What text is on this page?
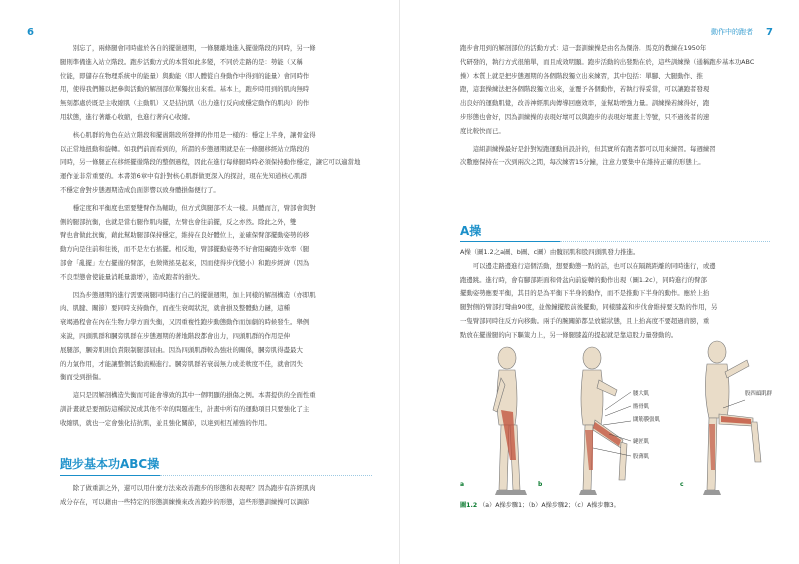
6

　　別忘了，兩條腿會同時處於各自的擺盪週期，一條腿離地進入擺盪階段的同時，另一條
腿則準備進入站立階段。跑步活動方式的本質如此多變，不同於走路的是：勢能（又稱
位能，即儲存在物理系統中的能量）與動能（即人體從自身動作中得到的能量）會同時作
用，使得我們難以把參與活動的解剖部位單獨拉出來看。基本上，跑步時用到的肌肉無時
無刻都處於既是主收縮肌（主動肌）又是拮抗肌（出力進行反向或穩定動作的肌肉）的作
用狀態，進行著離心收縮，也進行著向心收縮。

　　核心肌群的角色在站立階段和擺盪階段所發揮的作用是一樣的：穩定上半身，讓骨盆得
以正常地扭動和旋轉。如我們前面看到的，所謂的步態週期就是在一條腿移經站立階段的
同時，另一條腿正在移經擺盪階段的整個過程，因此在進行每條腿時時必須保持動作穩定，讓它可以適當地
運作並非常重要的。本書第6章中有針對核心肌群做更深入的探討，現在先知道核心肌群
不穩定會對步態週期造成負面影響以致身體損傷便行了。

　　穩定度和平衡度也需要雙臂作為輔助，但方式與腿部不太一樣。具體而言，臂部會與對
側的腿部抗衡，也就是當右腿作肌肉擺，左臂也會往前擺，反之亦然。除此之外，雙
臂也會做此抗衡，藉此幫助腿部保持穩定，維持在良好體位上，並確保臂部擺動姿勢的移
動方向是往前和往後，而不是左右搖擺。相反地，臂部擺動姿勢不好會阻礙跑步效率（腿
部會「亂擺」左右擺盪的臂部，也徵徵搖晃起來，因而使得步伐變小）和跑步經濟（因為
不良型態會使能量消耗量激增），造成跑者的損失。

　　因為步態週期的進行需要兩腿同時進行自己的擺盪週期，加上同樣的解剖構造（亦即肌
肉、肌腱、關節）要同時支持動作，而產生衰竭狀況，就會損及整體動力鏈，這種
衰竭過程會在內在生物力學方面失衡，又因重複性跑步動態動作而加劇的時候發生。舉例
來說，四頭肌群和膕旁肌群在步態週期的著地階段都會出力，四頭肌群的作用是伸
展腿部，膕旁肌則負責限制腿部屈曲。因為四頭肌群較為強壯的關係，膕旁肌得盡最大
的力氣作用，才能讓整個活動流暢進行。膕旁肌群若衰弱無力或柔軟度不佳，就會因失
衡而受到損傷。

　　這只是因解剖構造失衡而可能會導致的其中一個明顯的損傷之例。本書提供的全面性重
訓計畫就是要預防這種狀況或其他不幸的問題產生，計畫中所有的運動項目只要強化了主
收縮肌，就也一定會強化拮抗肌，並且強化關節，以達到相互補強的作用。

跑步基本功ABC操
　　除了做重訓之外，還可以用什麼方法來改善跑步的形態和表現呢？因為跑步有許經肌肉
成分存在，可以藉由一些特定的形態訓練操來改善跑步的形態，這些形態訓練操可以調節
動作中的跑者 7

跑步會用到的解剖部位的活動方式：這一套訓練操是由名為傑洛．馬克的教練在1950年
代研發的，執行方式很簡單，而且成效明顯。跑步活動的出發點在於，這些訓練操（通稱跑步基本功ABC
操）本質上就是把步態週期的各個階段獨立出來練習，其中包括：單腳、大腿動作、推
蹬，這套操練法把各個階段獨立出來，並覆予各個動作，若執行得妥當，可以讓跑者發現
出良好的運動肌覺，改善神經肌肉傳導回應效率，並幫助增強力量。訓練操若練得好，跑
步形態也會好，因為訓練操的表現好壞可以與跑步的表現好壞畫上等號，只不過後者的速
度比較快而已。

　　這組訓練操最好是針對短跑運動員設計的，但其實所有跑者都可以用來練習。每週練習
次數應保持在一次到兩次之間，每次練習15分鐘，注意力要集中在維持正確的形態上。

A操
A操（圖1.2之a圖、b圖、c圖）由髖屈肌和股四頭肌發力推進。
　　可以邊走路邊進行這個活動，想要動態一點的話，也可以在隔跳距離的同時進行，或邊
跑邊跳。進行時，會有腳部距面和骨盆向前旋轉的動作出現（圖1.2c），同時進行的臂部
擺動姿勢應要平衡，其目的是為平衡下半身的動作，而不是推動下半身的動作。應於上抬
腿對側的臂部打彎曲90度，並像鐘擺般前後擺動，同樣膝蓋和步伐會維持要支點的作用，另
一隻臂部同時往反方向移動。兩手的腕關節都呈放鬆狀態，且上抬高度不要超過肩膀，重
點放在擺盪腿的向下驅策力上，另一條腿膝蓋的提起就是靠這股力量發動的。
腰大肌
髂骨肌
闊筋膜張肌
縫匠肌
股薄肌
股四頭肌群
a	b	c
圖1.2 （a）A操步驟1；（b）A操步驟2；（c）A操步驟3。
